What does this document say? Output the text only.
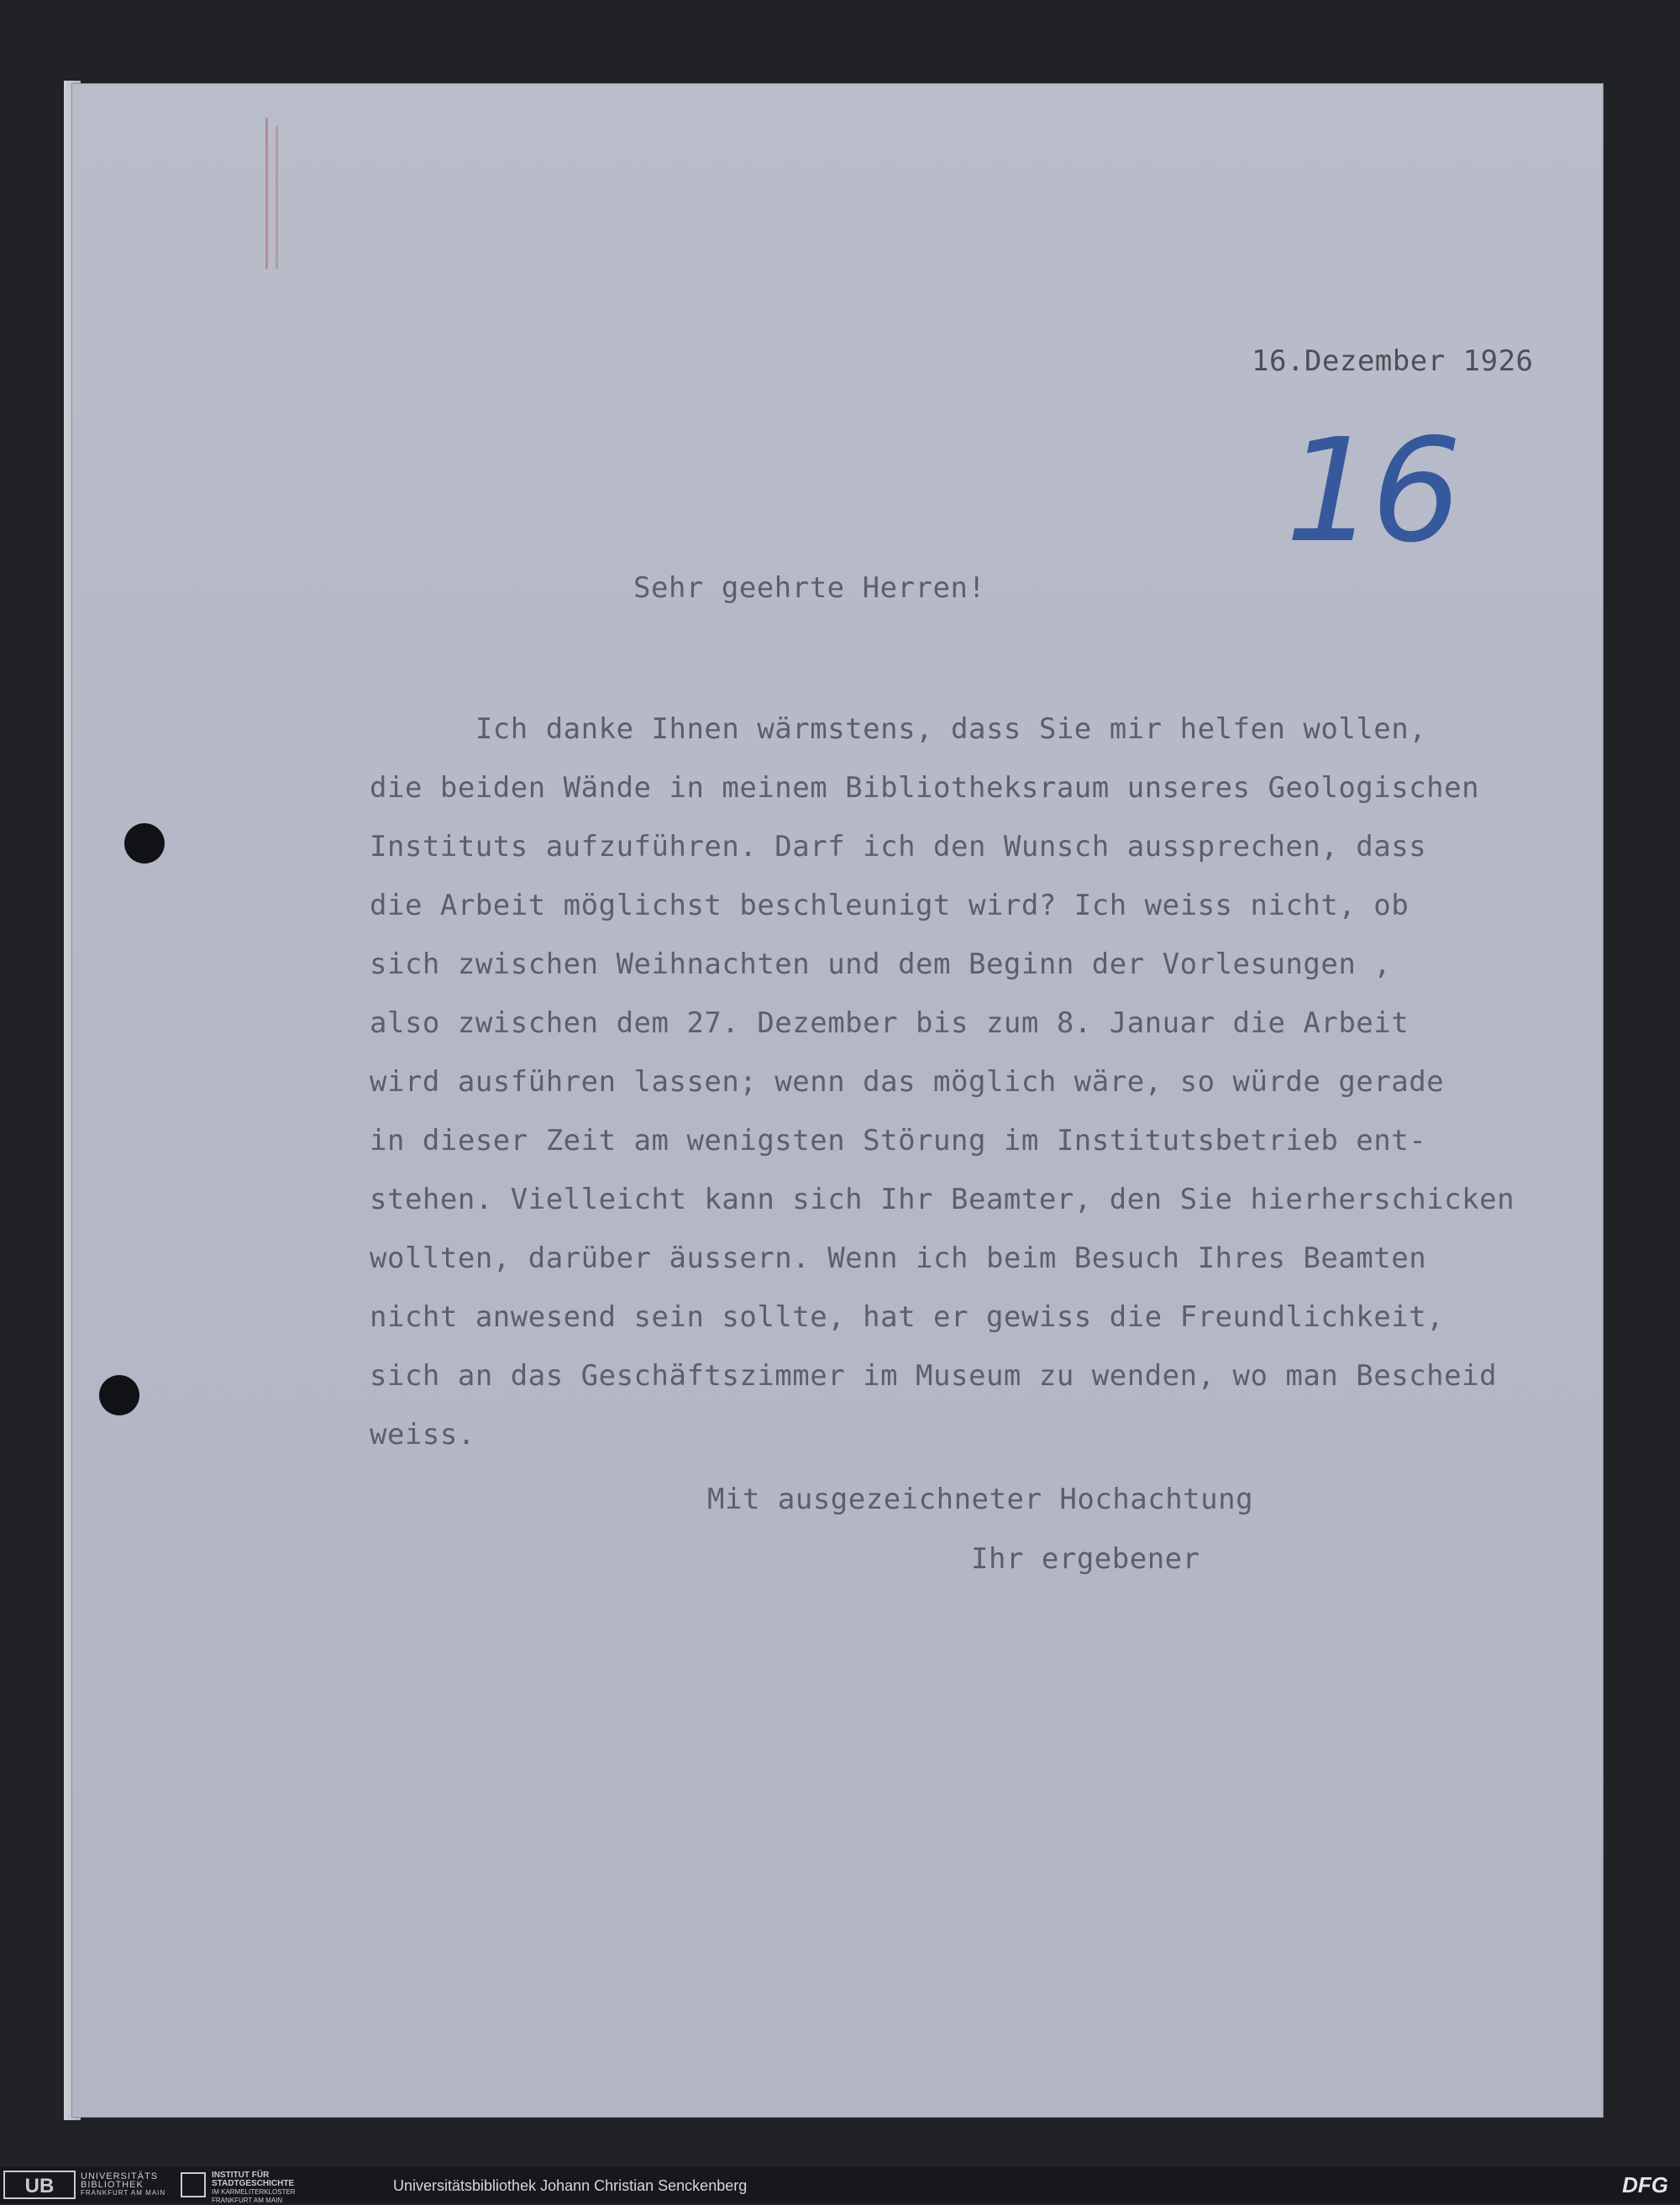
16.Dezember 1926
16
Sehr geehrte Herren!
Ich danke Ihnen wärmstens, dass Sie mir helfen wollen,
die beiden Wände in meinem Bibliotheksraum unseres Geologischen
Instituts aufzuführen. Darf ich den Wunsch aussprechen, dass
die Arbeit möglichst beschleunigt wird? Ich weiss nicht, ob
sich zwischen Weihnachten und dem Beginn der Vorlesungen ,
also zwischen dem 27. Dezember bis zum 8. Januar die Arbeit
wird ausführen lassen; wenn das möglich wäre, so würde gerade
in dieser Zeit am wenigsten Störung im Institutsbetrieb ent-
stehen. Vielleicht kann sich Ihr Beamter, den Sie hierherschicken
wollten, darüber äussern. Wenn ich beim Besuch Ihres Beamten
nicht anwesend sein sollte, hat er gewiss die Freundlichkeit,
sich an das Geschäftszimmer im Museum zu wenden, wo man Bescheid
weiss.
Mit ausgezeichneter Hochachtung
Ihr ergebener
UB	UNIVERSITÄTS
BIBLIOTHEK
FRANKFURT AM MAIN
INSTITUT FÜR
STADTGESCHICHTE
IM KARMELITERKLOSTER
FRANKFURT AM MAIN
Universitätsbibliothek Johann Christian Senckenberg	DFG
